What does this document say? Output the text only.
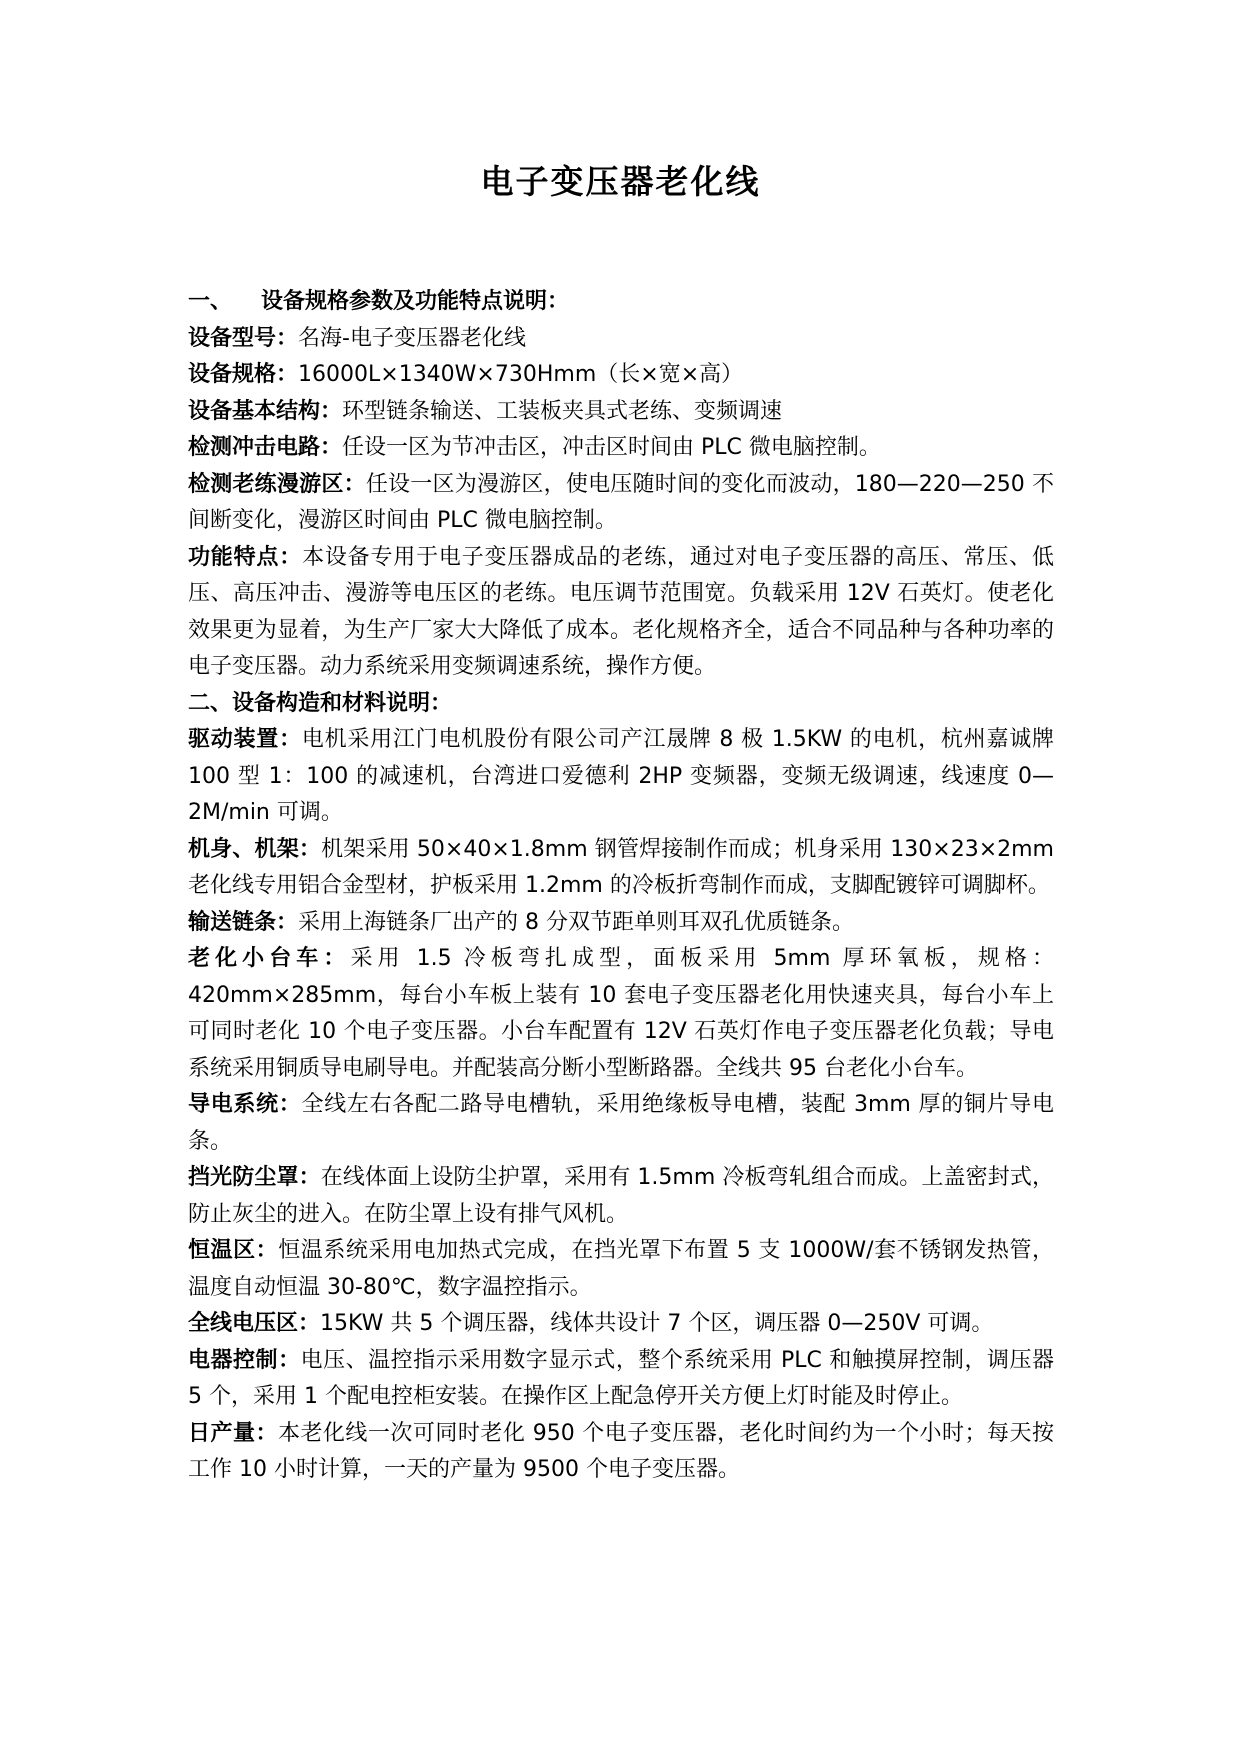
电子变压器老化线

一、 设备规格参数及功能特点说明：

设备型号：名海-电子变压器老化线

设备规格：16000L×1340W×730Hmm（长×宽×高）

设备基本结构：环型链条输送、工装板夹具式老练、变频调速

检测冲击电路：任设一区为节冲击区，冲击区时间由 PLC 微电脑控制。

检测老练漫游区：任设一区为漫游区，使电压随时间的变化而波动，180—220—250 不间断变化，漫游区时间由 PLC 微电脑控制。

功能特点：本设备专用于电子变压器成品的老练，通过对电子变压器的高压、常压、低压、高压冲击、漫游等电压区的老练。电压调节范围宽。负载采用 12V 石英灯。使老化效果更为显着，为生产厂家大大降低了成本。老化规格齐全，适合不同品种与各种功率的电子变压器。动力系统采用变频调速系统，操作方便。

二、设备构造和材料说明：

驱动装置：电机采用江门电机股份有限公司产江晟牌 8 极 1.5KW 的电机，杭州嘉诚牌 100 型 1：100 的减速机，台湾进口爱德利 2HP 变频器，变频无级调速，线速度 0—2M/min 可调。

机身、机架：机架采用 50×40×1.8mm 钢管焊接制作而成；机身采用 130×23×2mm 老化线专用铝合金型材，护板采用 1.2mm 的冷板折弯制作而成，支脚配镀锌可调脚杯。

输送链条：采用上海链条厂出产的 8 分双节距单则耳双孔优质链条。

老化小台车：采用 1.5 冷板弯扎成型，面板采用 5mm 厚环氧板，规格：420mm×285mm，每台小车板上装有 10 套电子变压器老化用快速夹具，每台小车上可同时老化 10 个电子变压器。小台车配置有 12V 石英灯作电子变压器老化负载；导电系统采用铜质导电刷导电。并配装高分断小型断路器。全线共 95 台老化小台车。

导电系统：全线左右各配二路导电槽轨，采用绝缘板导电槽，装配 3mm 厚的铜片导电条。

挡光防尘罩：在线体面上设防尘护罩，采用有 1.5mm 冷板弯轧组合而成。上盖密封式，防止灰尘的进入。在防尘罩上设有排气风机。

恒温区：恒温系统采用电加热式完成，在挡光罩下布置 5 支 1000W/套不锈钢发热管，温度自动恒温 30-80℃，数字温控指示。

全线电压区：15KW 共 5 个调压器，线体共设计 7 个区，调压器 0—250V 可调。

电器控制：电压、温控指示采用数字显示式，整个系统采用 PLC 和触摸屏控制，调压器 5 个，采用 1 个配电控柜安装。在操作区上配急停开关方便上灯时能及时停止。

日产量：本老化线一次可同时老化 950 个电子变压器，老化时间约为一个小时；每天按工作 10 小时计算，一天的产量为 9500 个电子变压器。
